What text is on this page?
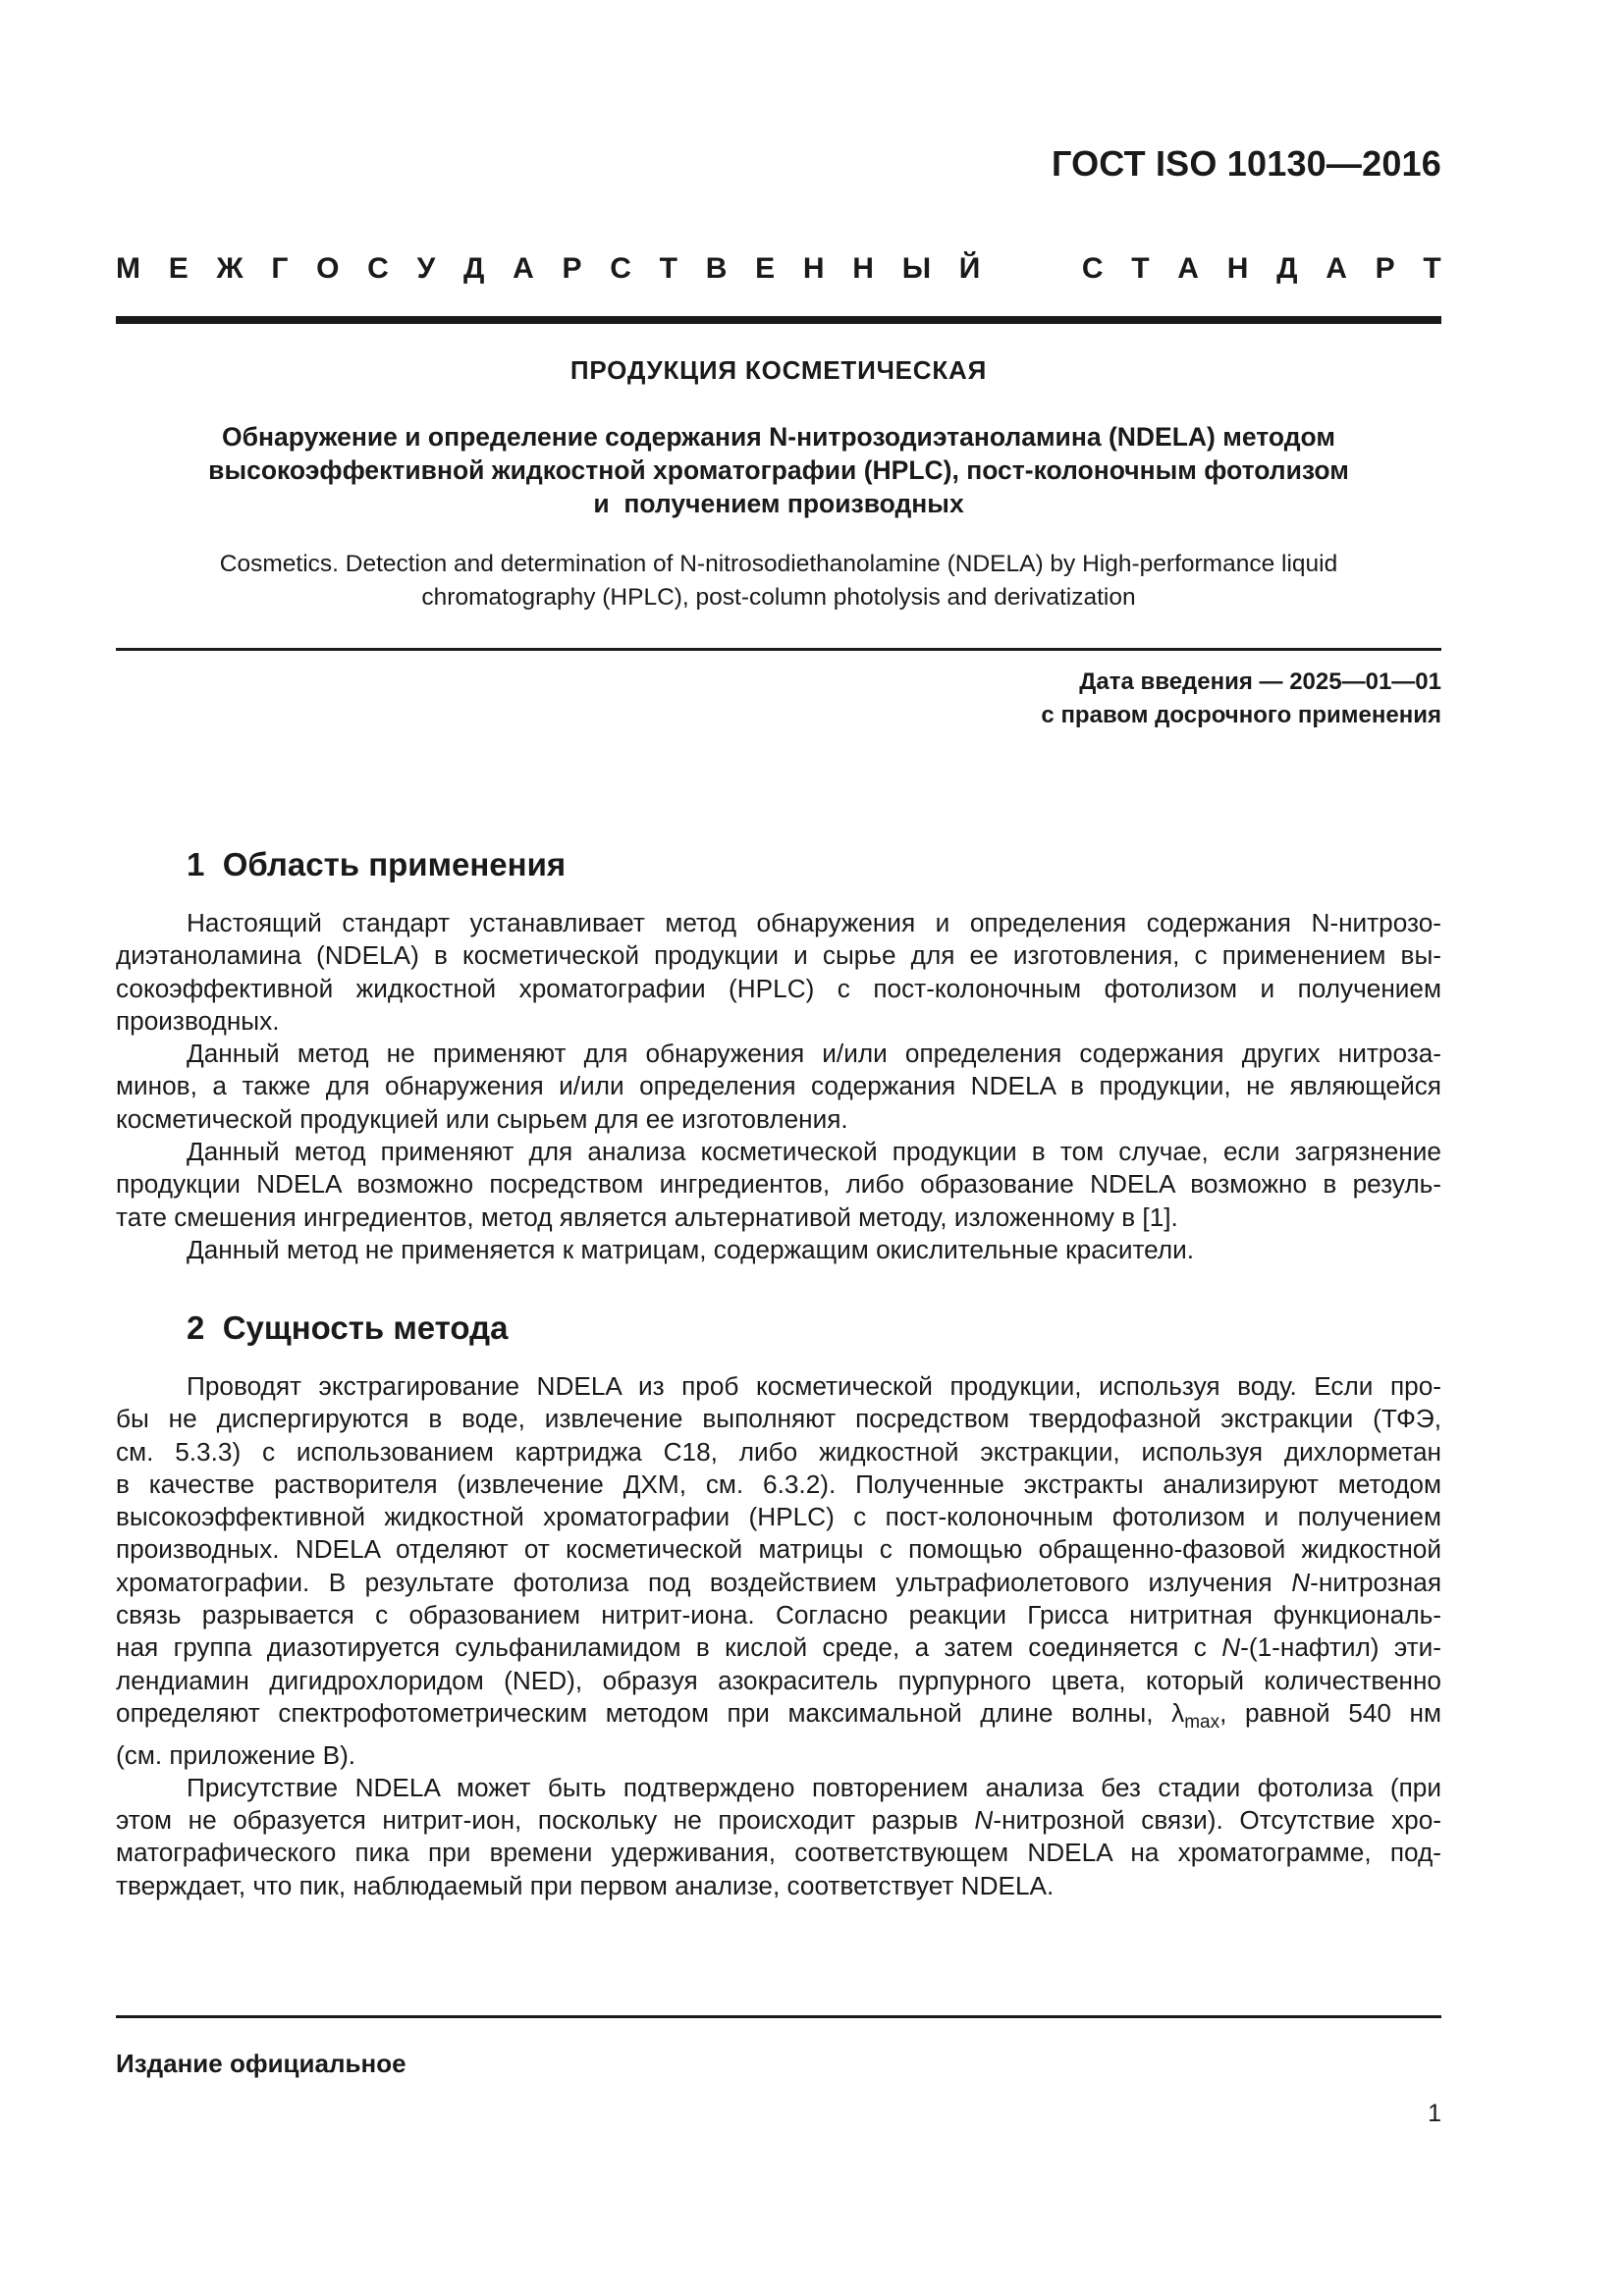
ГОСТ ISO 10130—2016
М Е Ж Г О С У Д А Р С Т В Е Н Н Ы Й	С Т А Н Д А Р Т
ПРОДУКЦИЯ КОСМЕТИЧЕСКАЯ
Обнаружение и определение содержания N-нитрозодиэтаноламина (NDELA) методом
высокоэффективной жидкостной хроматографии (HPLC), пост-колоночным фотолизом
и  получением производных
Cosmetics. Detection and determination of N-nitrosodiethanolamine (NDELA) by High-performance liquid
chromatography (HPLC), post-column photolysis and derivatization
Дата введения — 2025—01—01
с правом досрочного применения
1  Область применения

Настоящий стандарт устанавливает метод обнаружения и определения содержания N-нитрозо-
диэтаноламина (NDELA) в косметической продукции и сырье для ее изготовления, с применением вы-
сокоэффективной жидкостной хроматографии (HPLC) с пост-колоночным фотолизом и получением
производных.

Данный метод не применяют для обнаружения и/или определения содержания других нитроза-
минов, а также для обнаружения и/или определения содержания NDELA в продукции, не являющейся
косметической продукцией или сырьем для ее изготовления.

Данный метод применяют для анализа косметической продукции в том случае, если загрязнение
продукции NDELA возможно посредством ингредиентов, либо образование NDELA возможно в резуль-
тате смешения ингредиентов, метод является альтернативой методу, изложенному в [1].

Данный метод не применяется к матрицам, содержащим окислительные красители.

2  Сущность метода

Проводят экстрагирование NDELA из проб косметической продукции, используя воду. Если про-
бы не диспергируются в воде, извлечение выполняют посредством твердофазной экстракции (ТФЭ,
см. 5.3.3) с использованием картриджа С18, либо жидкостной экстракции, используя дихлорметан
в качестве растворителя (извлечение ДХМ, см. 6.3.2). Полученные экстракты анализируют методом
высокоэффективной жидкостной хроматографии (HPLC) с пост-колоночным фотолизом и получением
производных. NDELA отделяют от косметической матрицы с помощью обращенно-фазовой жидкостной
хроматографии. В результате фотолиза под воздействием ультрафиолетового излучения N-нитрозная
связь разрывается с образованием нитрит-иона. Согласно реакции Грисса нитритная функциональ-
ная группа диазотируется сульфаниламидом в кислой среде, а затем соединяется с N-(1-нафтил) эти-
лендиамин дигидрохлоридом (NED), образуя азокраситель пурпурного цвета, который количественно
определяют спектрофотометрическим методом при максимальной длине волны, $\lambda_{max}$, равной 540 нм
(см. приложение В).

Присутствие NDELA может быть подтверждено повторением анализа без стадии фотолиза (при
этом не образуется нитрит-ион, поскольку не происходит разрыв N-нитрозной связи). Отсутствие хро-
матографического пика при времени удерживания, соответствующем NDELA на хроматограмме, под-
тверждает, что пик, наблюдаемый при первом анализе, соответствует NDELA.

Издание официальное
1
